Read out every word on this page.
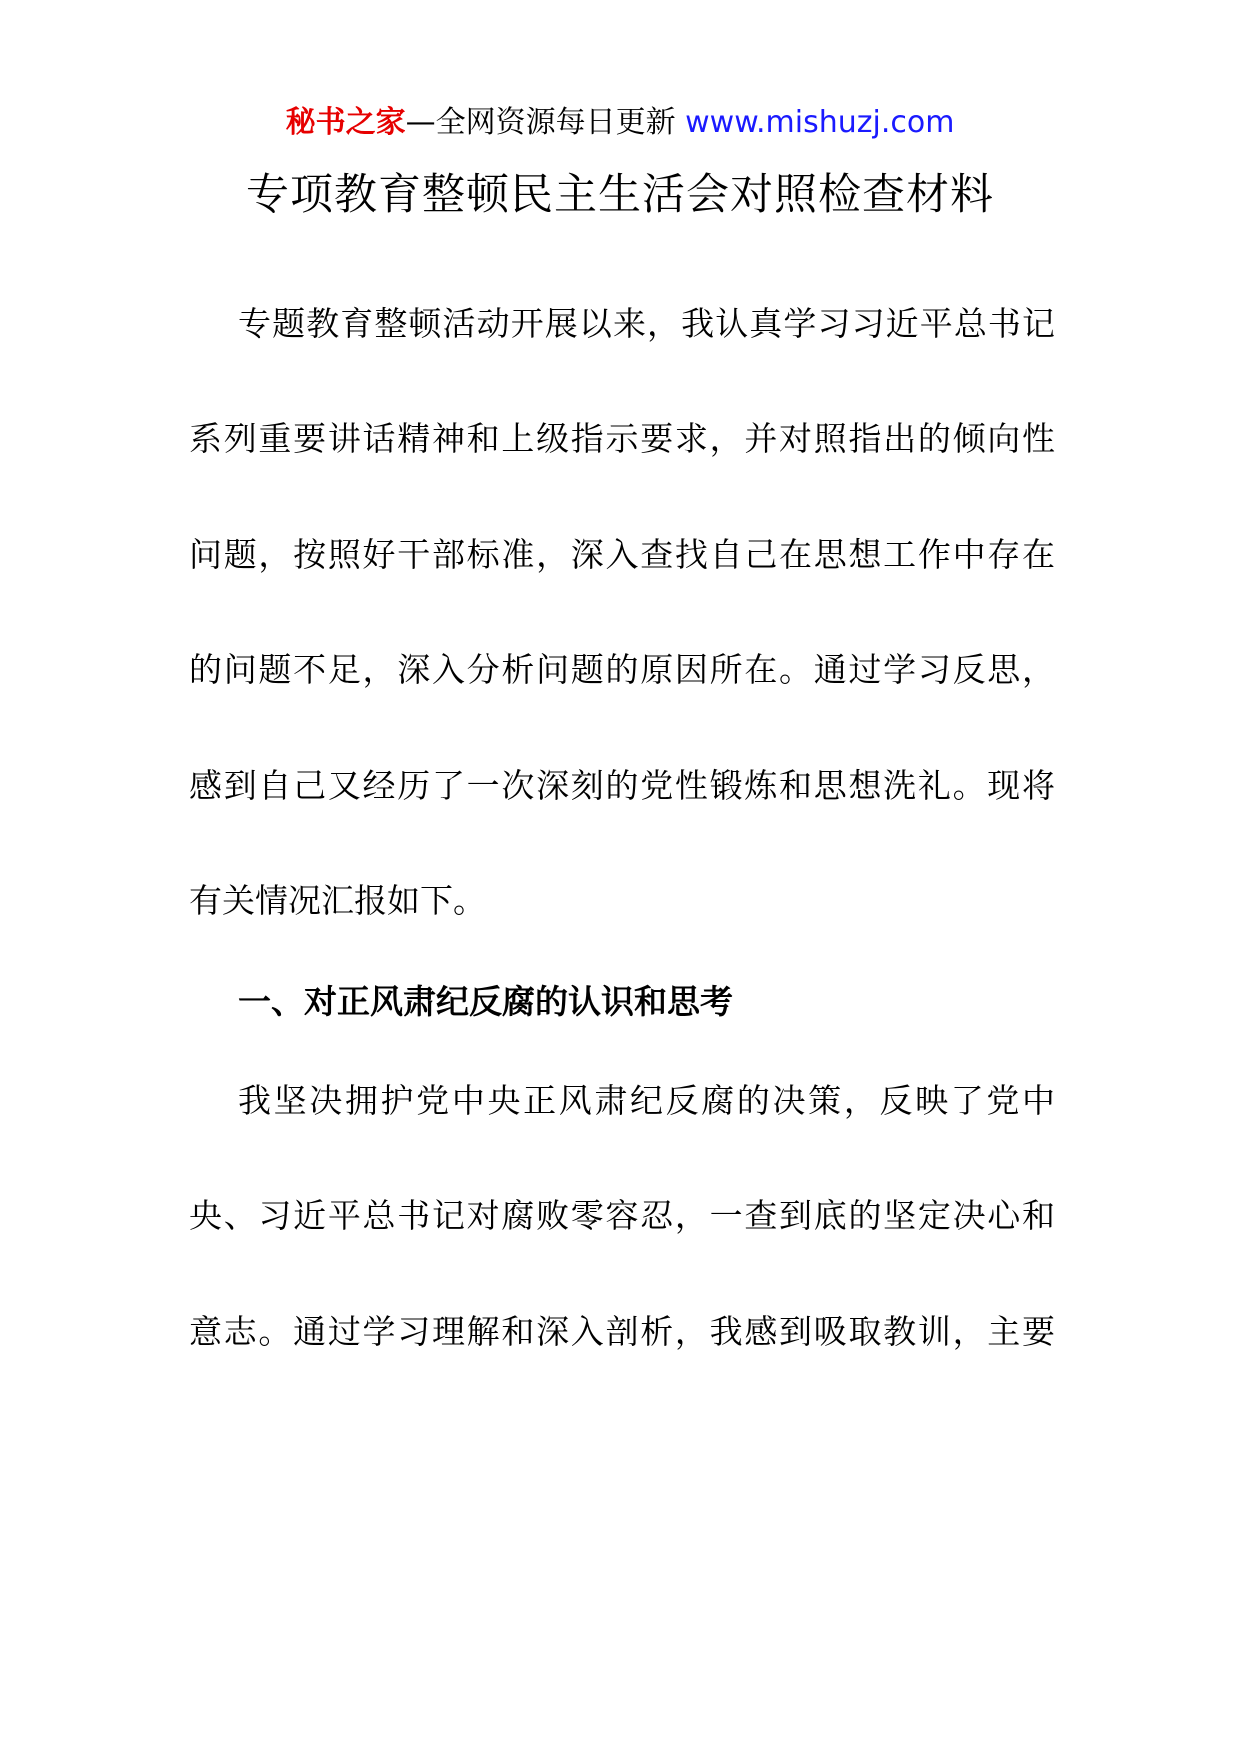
秘书之家—全网资源每日更新 www.mishuzj.com
专项教育整顿民主生活会对照检查材料
专题教育整顿活动开展以来，我认真学习习近平总书记
系列重要讲话精神和上级指示要求，并对照指出的倾向性
问题，按照好干部标准，深入查找自己在思想工作中存在
的问题不足，深入分析问题的原因所在。通过学习反思，
感到自己又经历了一次深刻的党性锻炼和思想洗礼。现将
有关情况汇报如下。
一、对正风肃纪反腐的认识和思考
我坚决拥护党中央正风肃纪反腐的决策，反映了党中
央、习近平总书记对腐败零容忍，一查到底的坚定决心和
意志。通过学习理解和深入剖析，我感到吸取教训，主要
